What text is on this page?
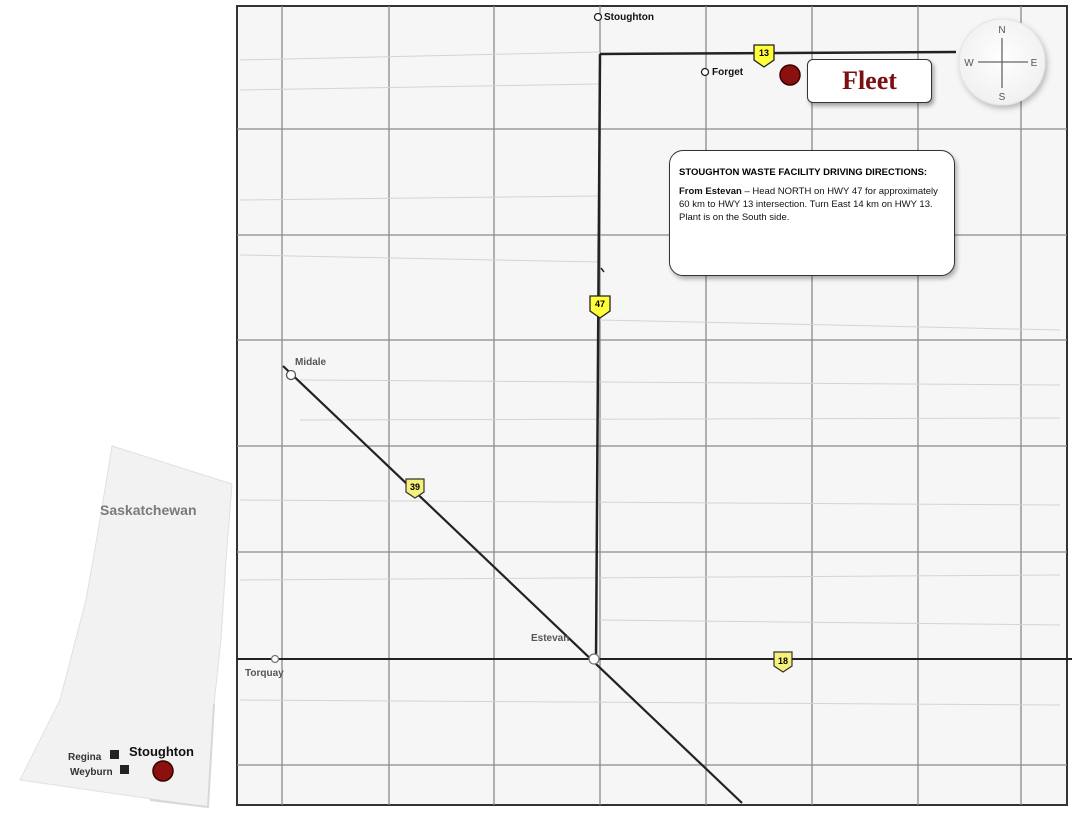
Saskatchewan
Regina
Weyburn
Stoughton
Stoughton
Forget
Midale
Estevan
Torquay
13
47
39
18
N
S
E
W
Fleet
STOUGHTON WASTE FACILITY DRIVING DIRECTIONS:
From Estevan – Head NORTH on HWY 47 for approximately 60 km to HWY 13 intersection. Turn East 14 km on HWY 13. Plant is on the South side.
